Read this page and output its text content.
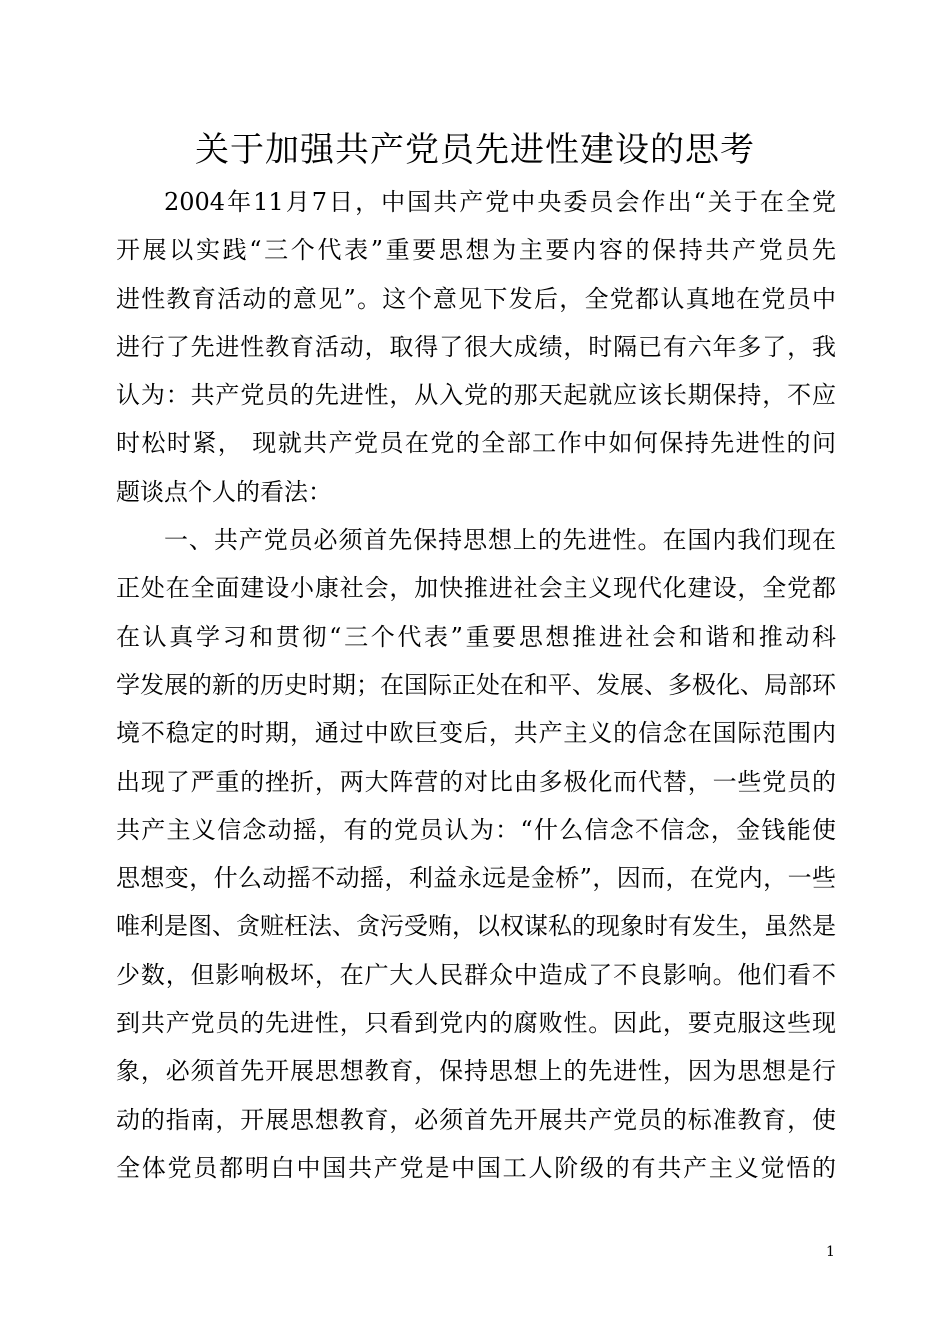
关于加强共产党员先进性建设的思考
2004年11月7日，中国共产党中央委员会作出“关于在全党
开展以实践“三个代表”重要思想为主要内容的保持共产党员先
进性教育活动的意见”。这个意见下发后，全党都认真地在党员中
进行了先进性教育活动，取得了很大成绩，时隔已有六年多了，我
认为：共产党员的先进性，从入党的那天起就应该长期保持，不应
时松时紧， 现就共产党员在党的全部工作中如何保持先进性的问
题谈点个人的看法：
一、共产党员必须首先保持思想上的先进性。在国内我们现在
正处在全面建设小康社会，加快推进社会主义现代化建设，全党都
在认真学习和贯彻“三个代表”重要思想推进社会和谐和推动科
学发展的新的历史时期；在国际正处在和平、发展、多极化、局部环
境不稳定的时期，通过中欧巨变后，共产主义的信念在国际范围内
出现了严重的挫折，两大阵营的对比由多极化而代替，一些党员的
共产主义信念动摇，有的党员认为：“什么信念不信念，金钱能使
思想变，什么动摇不动摇，利益永远是金桥”，因而，在党内，一些
唯利是图、贪赃枉法、贪污受贿，以权谋私的现象时有发生，虽然是
少数，但影响极坏，在广大人民群众中造成了不良影响。他们看不
到共产党员的先进性，只看到党内的腐败性。因此，要克服这些现
象，必须首先开展思想教育，保持思想上的先进性，因为思想是行
动的指南，开展思想教育，必须首先开展共产党员的标准教育，使
全体党员都明白中国共产党是中国工人阶级的有共产主义觉悟的
1
